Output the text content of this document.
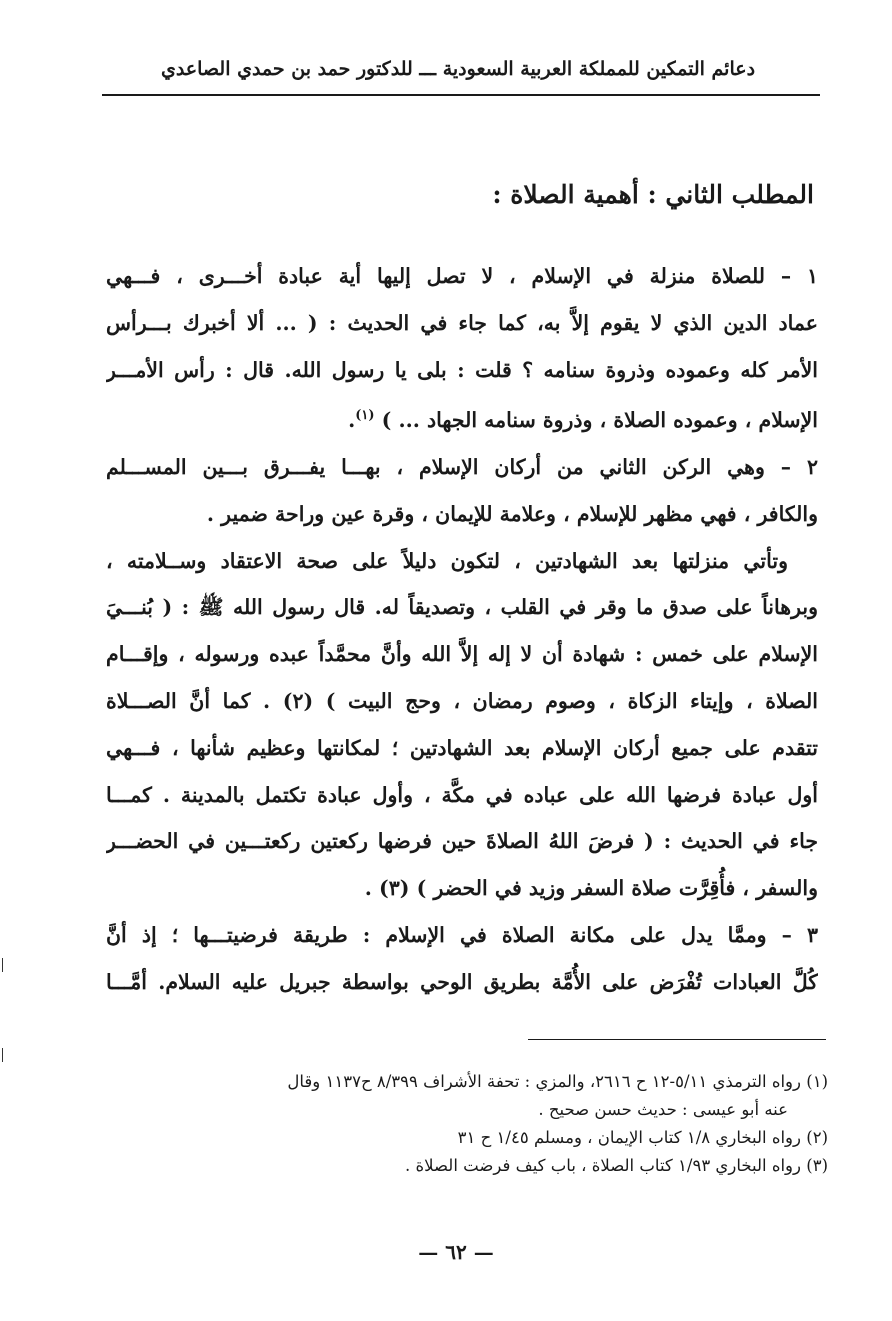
دعائم التمكين للمملكة العربية السعودية ـــ للدكتور حمد بن حمدي الصاعدي
المطلب الثاني : أهمية الصلاة :

١ – للصلاة منزلة في الإسلام ، لا تصل إليها أية عبادة أخـــرى ، فـــهي
عماد الدين الذي لا يقوم إلاَّ به، كما جاء في الحديث : ( ... ألا أخبرك بـــرأس
الأمر كله وعموده وذروة سنامه ؟ قلت : بلى يا رسول الله. قال : رأس الأمـــر
الإسلام ، وعموده الصلاة ، وذروة سنامه الجهاد ... ) $^{(١)}$.

٢ – وهي الركن الثاني من أركان الإسلام ، بهـــا يفـــرق بـــين المســـلم
والكافر ، فهي مظهر للإسلام ، وعلامة للإيمان ، وقرة عين وراحة ضمير .

وتأتي منزلتها بعد الشهادتين ، لتكون دليلاً على صحة الاعتقاد وســلامته ،
وبرهاناً على صدق ما وقر في القلب ، وتصديقاً له. قال رسول الله ﷺ : ( بُنـــيَ
الإسلام على خمس : شهادة أن لا إله إلاَّ الله وأنَّ محمَّداً عبده ورسوله ، وإقـــام
الصلاة ، وإيتاء الزكاة ، وصوم رمضان ، وحج البيت ) (٢) . كما أنَّ الصـــلاة
تتقدم على جميع أركان الإسلام بعد الشهادتين ؛ لمكانتها وعظيم شأنها ، فـــهي
أول عبادة فرضها الله على عباده في مكَّة ، وأول عبادة تكتمل بالمدينة . كمـــا
جاء في الحديث : ( فرضَ اللهُ الصلاةَ حين فرضها ركعتين ركعتـــين في الحضـــر
والسفر ، فأُقِرَّت صلاة السفر وزيد في الحضر ) (٣) .

٣ – وممَّا يدل على مكانة الصلاة في الإسلام : طريقة فرضيتـــها ؛ إذ أنَّ
كُلَّ العبادات تُفْرَض على الأُمَّة بطريق الوحي بواسطة جبريل عليه السلام. أمَّـــا

(١) رواه الترمذي ٥/١١-١٢ ح ٢٦١٦، والمزي : تحفة الأشراف ٨/٣٩٩ ح١١٣٧ وقال
عنه أبو عيسى : حديث حسن صحيح .
(٢) رواه البخاري ١/٨ كتاب الإيمان ، ومسلم ١/٤٥ ح ٣١
(٣) رواه البخاري ١/٩٣ كتاب الصلاة ، باب كيف فرضت الصلاة .
— ٦٢ —
